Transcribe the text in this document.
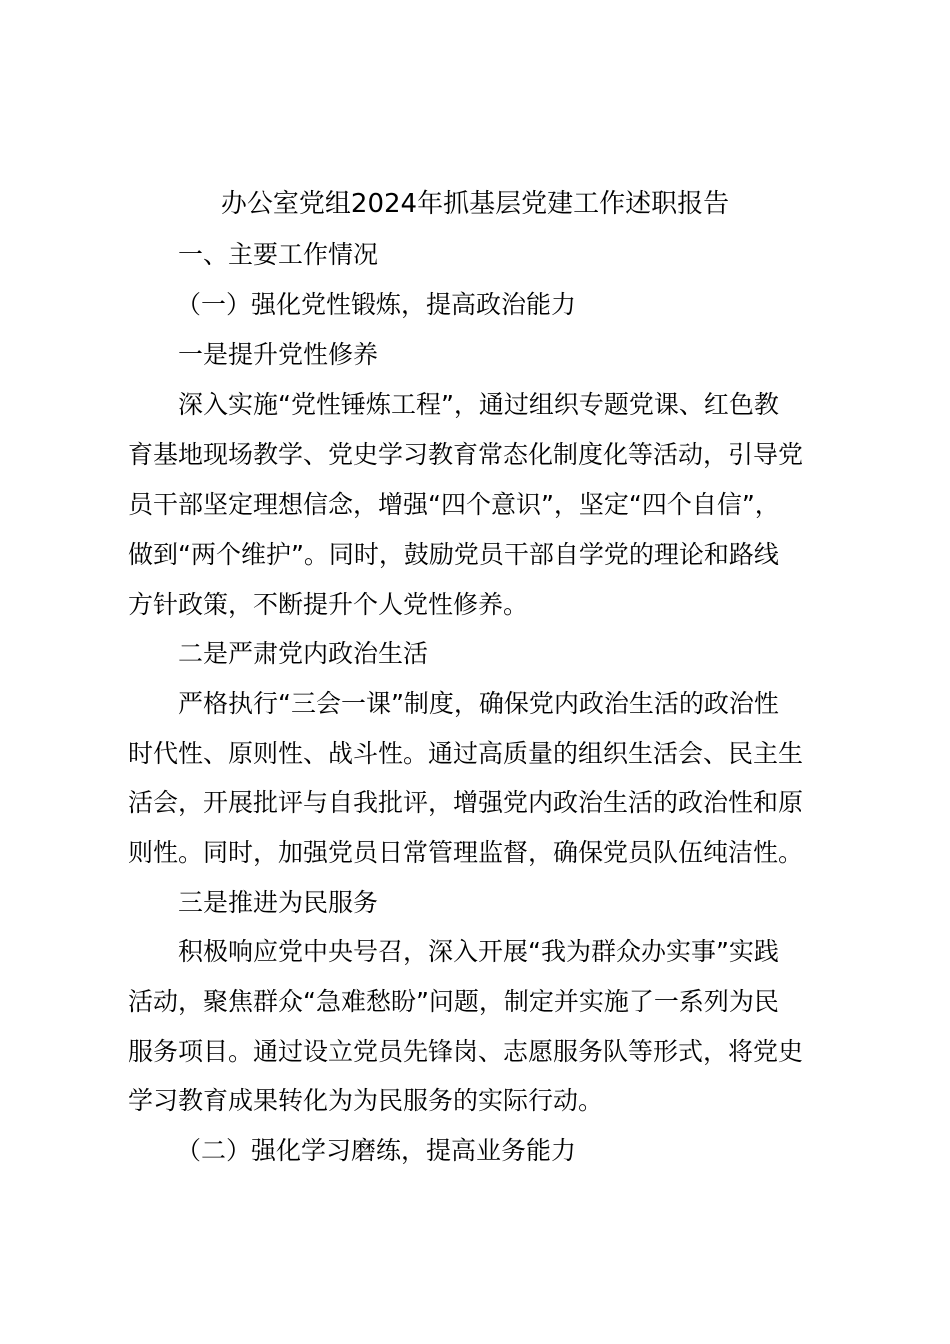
办公室党组2024年抓基层党建工作述职报告
一、主要工作情况
（一）强化党性锻炼，提高政治能力
一是提升党性修养
深入实施“党性锤炼工程”，通过组织专题党课、红色教
育基地现场教学、党史学习教育常态化制度化等活动，引导党
员干部坚定理想信念，增强“四个意识”，坚定“四个自信”，
做到“两个维护”。同时，鼓励党员干部自学党的理论和路线
方针政策，不断提升个人党性修养。
二是严肃党内政治生活
严格执行“三会一课”制度，确保党内政治生活的政治性
时代性、原则性、战斗性。通过高质量的组织生活会、民主生
活会，开展批评与自我批评，增强党内政治生活的政治性和原
则性。同时，加强党员日常管理监督，确保党员队伍纯洁性。
三是推进为民服务
积极响应党中央号召，深入开展“我为群众办实事”实践
活动，聚焦群众“急难愁盼”问题，制定并实施了一系列为民
服务项目。通过设立党员先锋岗、志愿服务队等形式，将党史
学习教育成果转化为为民服务的实际行动。
（二）强化学习磨练，提高业务能力
